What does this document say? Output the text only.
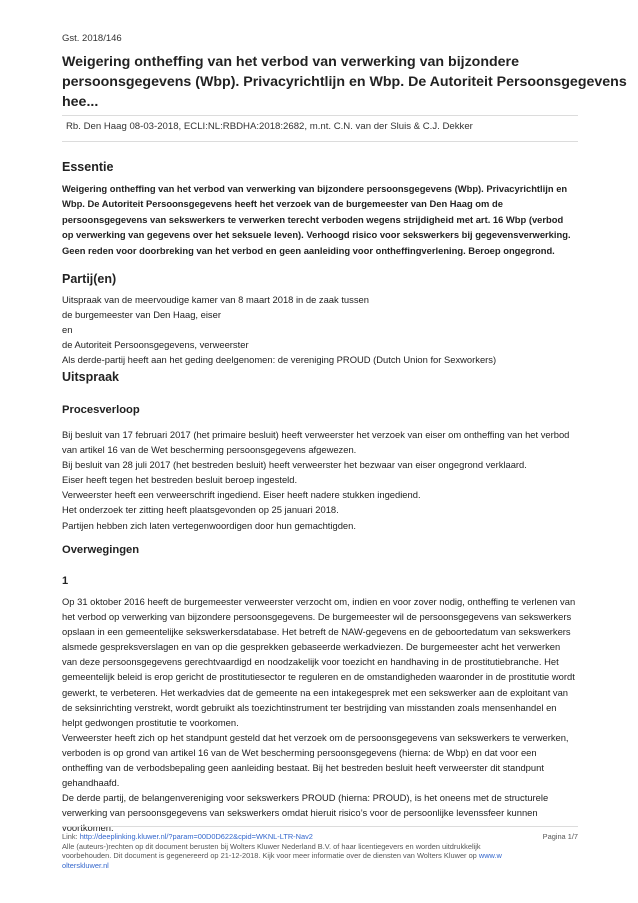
Gst. 2018/146
Weigering ontheffing van het verbod van verwerking van bijzondere
persoonsgegevens (Wbp). Privacyrichtlijn en Wbp. De Autoriteit Persoonsgegevens
hee...
Rb. Den Haag 08-03-2018, ECLI:NL:RBDHA:2018:2682, m.nt. C.N. van der Sluis & C.J. Dekker
Essentie
Weigering ontheffing van het verbod van verwerking van bijzondere persoonsgegevens (Wbp). Privacyrichtlijn en
Wbp. De Autoriteit Persoonsgegevens heeft het verzoek van de burgemeester van Den Haag om de
persoonsgegevens van sekswerkers te verwerken terecht verboden wegens strijdigheid met art. 16 Wbp (verbod
op verwerking van gegevens over het seksuele leven). Verhoogd risico voor sekswerkers bij gegevensverwerking.
Geen reden voor doorbreking van het verbod en geen aanleiding voor ontheffingverlening. Beroep ongegrond.
Partij(en)
Uitspraak van de meervoudige kamer van 8 maart 2018 in de zaak tussen
de burgemeester van Den Haag, eiser
en
de Autoriteit Persoonsgegevens, verweerster
Als derde-partij heeft aan het geding deelgenomen: de vereniging PROUD (Dutch Union for Sexworkers)
Uitspraak
Procesverloop
Bij besluit van 17 februari 2017 (het primaire besluit) heeft verweerster het verzoek van eiser om ontheffing van het verbod
van artikel 16 van de Wet bescherming persoonsgegevens afgewezen.
Bij besluit van 28 juli 2017 (het bestreden besluit) heeft verweerster het bezwaar van eiser ongegrond verklaard.
Eiser heeft tegen het bestreden besluit beroep ingesteld.
Verweerster heeft een verweerschrift ingediend. Eiser heeft nadere stukken ingediend.
Het onderzoek ter zitting heeft plaatsgevonden op 25 januari 2018.
Partijen hebben zich laten vertegenwoordigen door hun gemachtigden.
Overwegingen
1
Op 31 oktober 2016 heeft de burgemeester verweerster verzocht om, indien en voor zover nodig, ontheffing te verlenen van
het verbod op verwerking van bijzondere persoonsgegevens. De burgemeester wil de persoonsgegevens van sekswerkers
opslaan in een gemeentelijke sekswerkersdatabase. Het betreft de NAW-gegevens en de geboortedatum van sekswerkers
alsmede gespreksverslagen en van op die gesprekken gebaseerde werkadviezen. De burgemeester acht het verwerken
van deze persoonsgegevens gerechtvaardigd en noodzakelijk voor toezicht en handhaving in de prostitutiebranche. Het
gemeentelijk beleid is erop gericht de prostitutiesector te reguleren en de omstandigheden waaronder in de prostitutie wordt
gewerkt, te verbeteren. Het werkadvies dat de gemeente na een intakegesprek met een sekswerker aan de exploitant van
de seksinrichting verstrekt, wordt gebruikt als toezichtinstrument ter bestrijding van misstanden zoals mensenhandel en
helpt gedwongen prostitutie te voorkomen.
Verweerster heeft zich op het standpunt gesteld dat het verzoek om de persoonsgegevens van sekswerkers te verwerken,
verboden is op grond van artikel 16 van de Wet bescherming persoonsgegevens (hierna: de Wbp) en dat voor een
ontheffing van de verbodsbepaling geen aanleiding bestaat. Bij het bestreden besluit heeft verweerster dit standpunt
gehandhaafd.
De derde partij, de belangenvereniging voor sekswerkers PROUD (hierna: PROUD), is het oneens met de structurele
verwerking van persoonsgegevens van sekswerkers omdat hieruit risico’s voor de persoonlijke levenssfeer kunnen
voortkomen.
Link: http://deeplinking.kluwer.nl/?param=00D0D622&cpid=WKNL-LTR-Nav2	Pagina 1/7
Alle (auteurs-)rechten op dit document berusten bij Wolters Kluwer Nederland B.V. of haar licentiegevers en worden uitdrukkelijk
voorbehouden. Dit document is gegenereerd op 21-12-2018. Kijk voor meer informatie over de diensten van Wolters Kluwer op www.w
olterskluwer.nl
